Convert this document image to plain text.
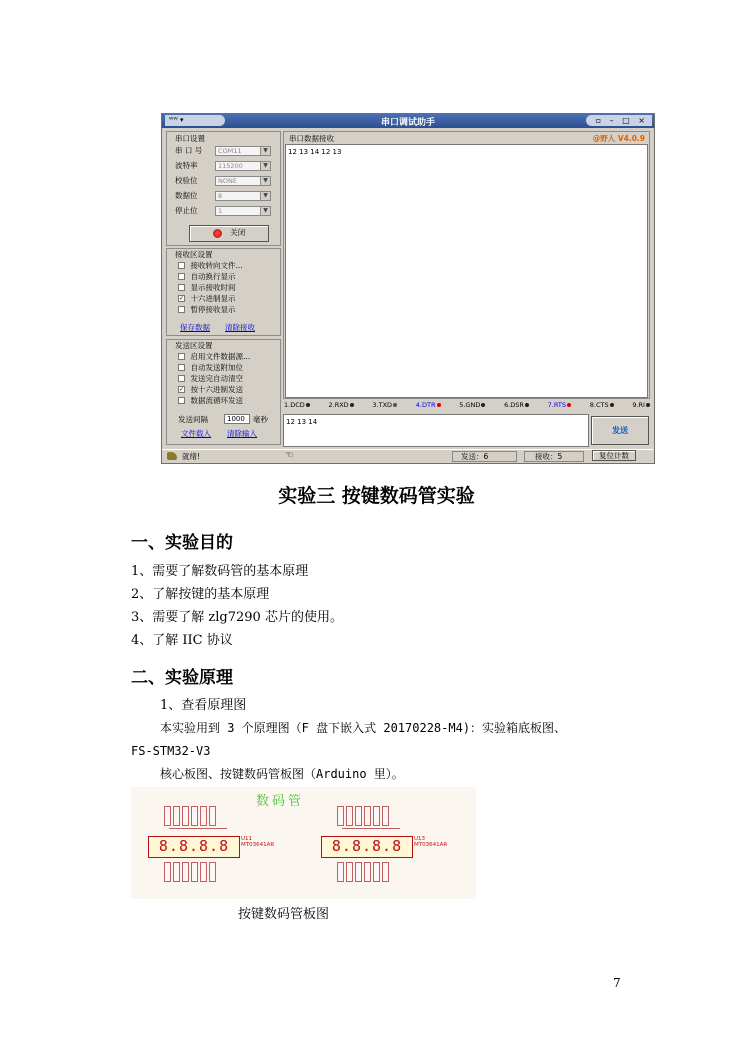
ᵂᵂ ▾	串口调试助手	▫ – □ ×
串口设置
串 口 号	COM11	▼
波特率	115200	▼
校验位	NONE	▼
数据位	8	▼
停止位	1	▼
关闭
接收区设置
接收转向文件...
自动换行显示
显示接收时间
✓ 十六进制显示
暂停接收显示
保存数据 清除接收
发送区设置
启用文件数据源...
自动发送附加位
发送完自动清空
✓ 按十六进制发送
数据流循环发送
发送间隔	1000	毫秒
文件载入 清除输入
串口数据接收	@野人 V4.0.9
12 13 14 12 13
1.DCD	2.RXD	3.TXD	4.DTR	5.GND	6.DSR	7.RTS	8.CTS	9.RI
12 13 14
发送
就绪!	☜	发送：6	接收：5	复位计数
实验三 按键数码管实验
一、实验目的
1、需要了解数码管的基本原理
2、了解按键的基本原理
3、需要了解 zlg7290 芯片的使用。
4、了解 IIC 协议
二、实验原理
1、查看原理图
本实验用到 3 个原理图（F 盘下嵌入式 20170228-M4)：实验箱底板图、
FS-STM32-V3
核心板图、按键数码管板图（Arduino 里）。
数码管
8.8.8.8	U11
MT03641AR	8.8.8.8	U13
MT03641AR
按键数码管板图
7
